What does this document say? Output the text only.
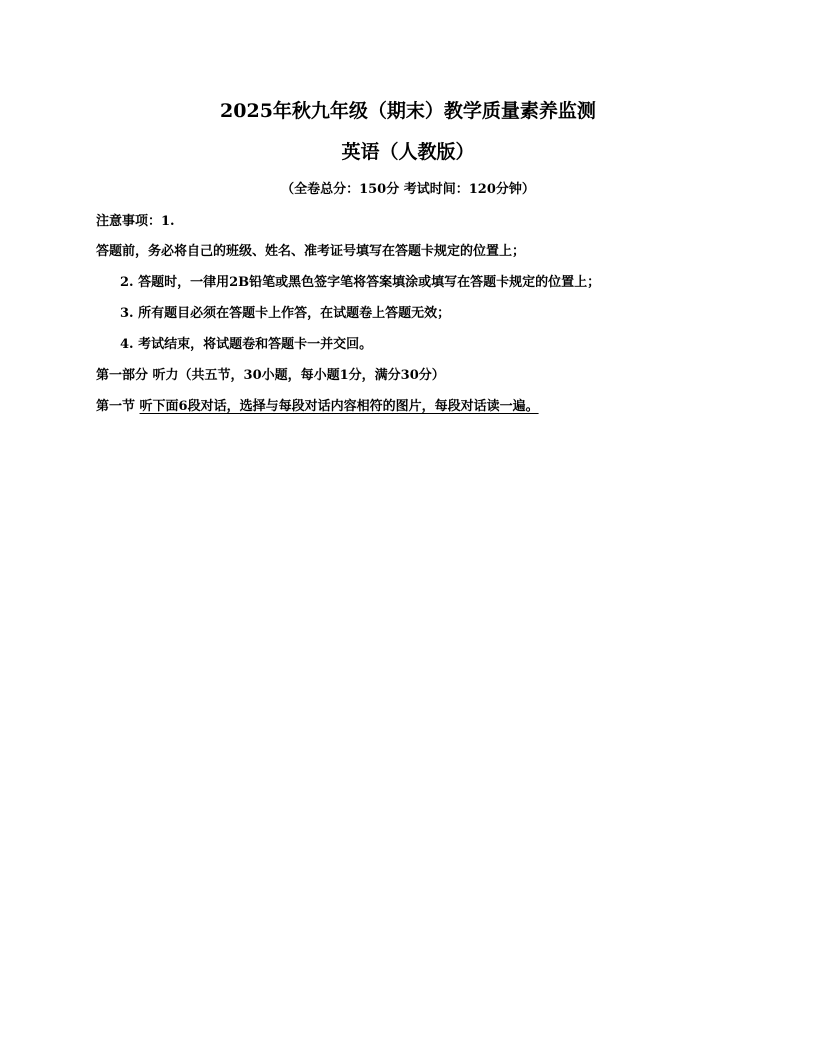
2025年秋九年级（期末）教学质量素养监测
英语（人教版）
（全卷总分：150分 考试时间：120分钟）
注意事项：1.
答题前，务必将自己的班级、姓名、准考证号填写在答题卡规定的位置上；
2. 答题时，一律用2B铅笔或黑色签字笔将答案填涂或填写在答题卡规定的位置上；
3. 所有题目必须在答题卡上作答，在试题卷上答题无效；
4. 考试结束，将试题卷和答题卡一并交回。
第一部分 听力（共五节，30小题，每小题1分，满分30分）
第一节 听下面6段对话，选择与每段对话内容相符的图片，每段对话读一遍。
